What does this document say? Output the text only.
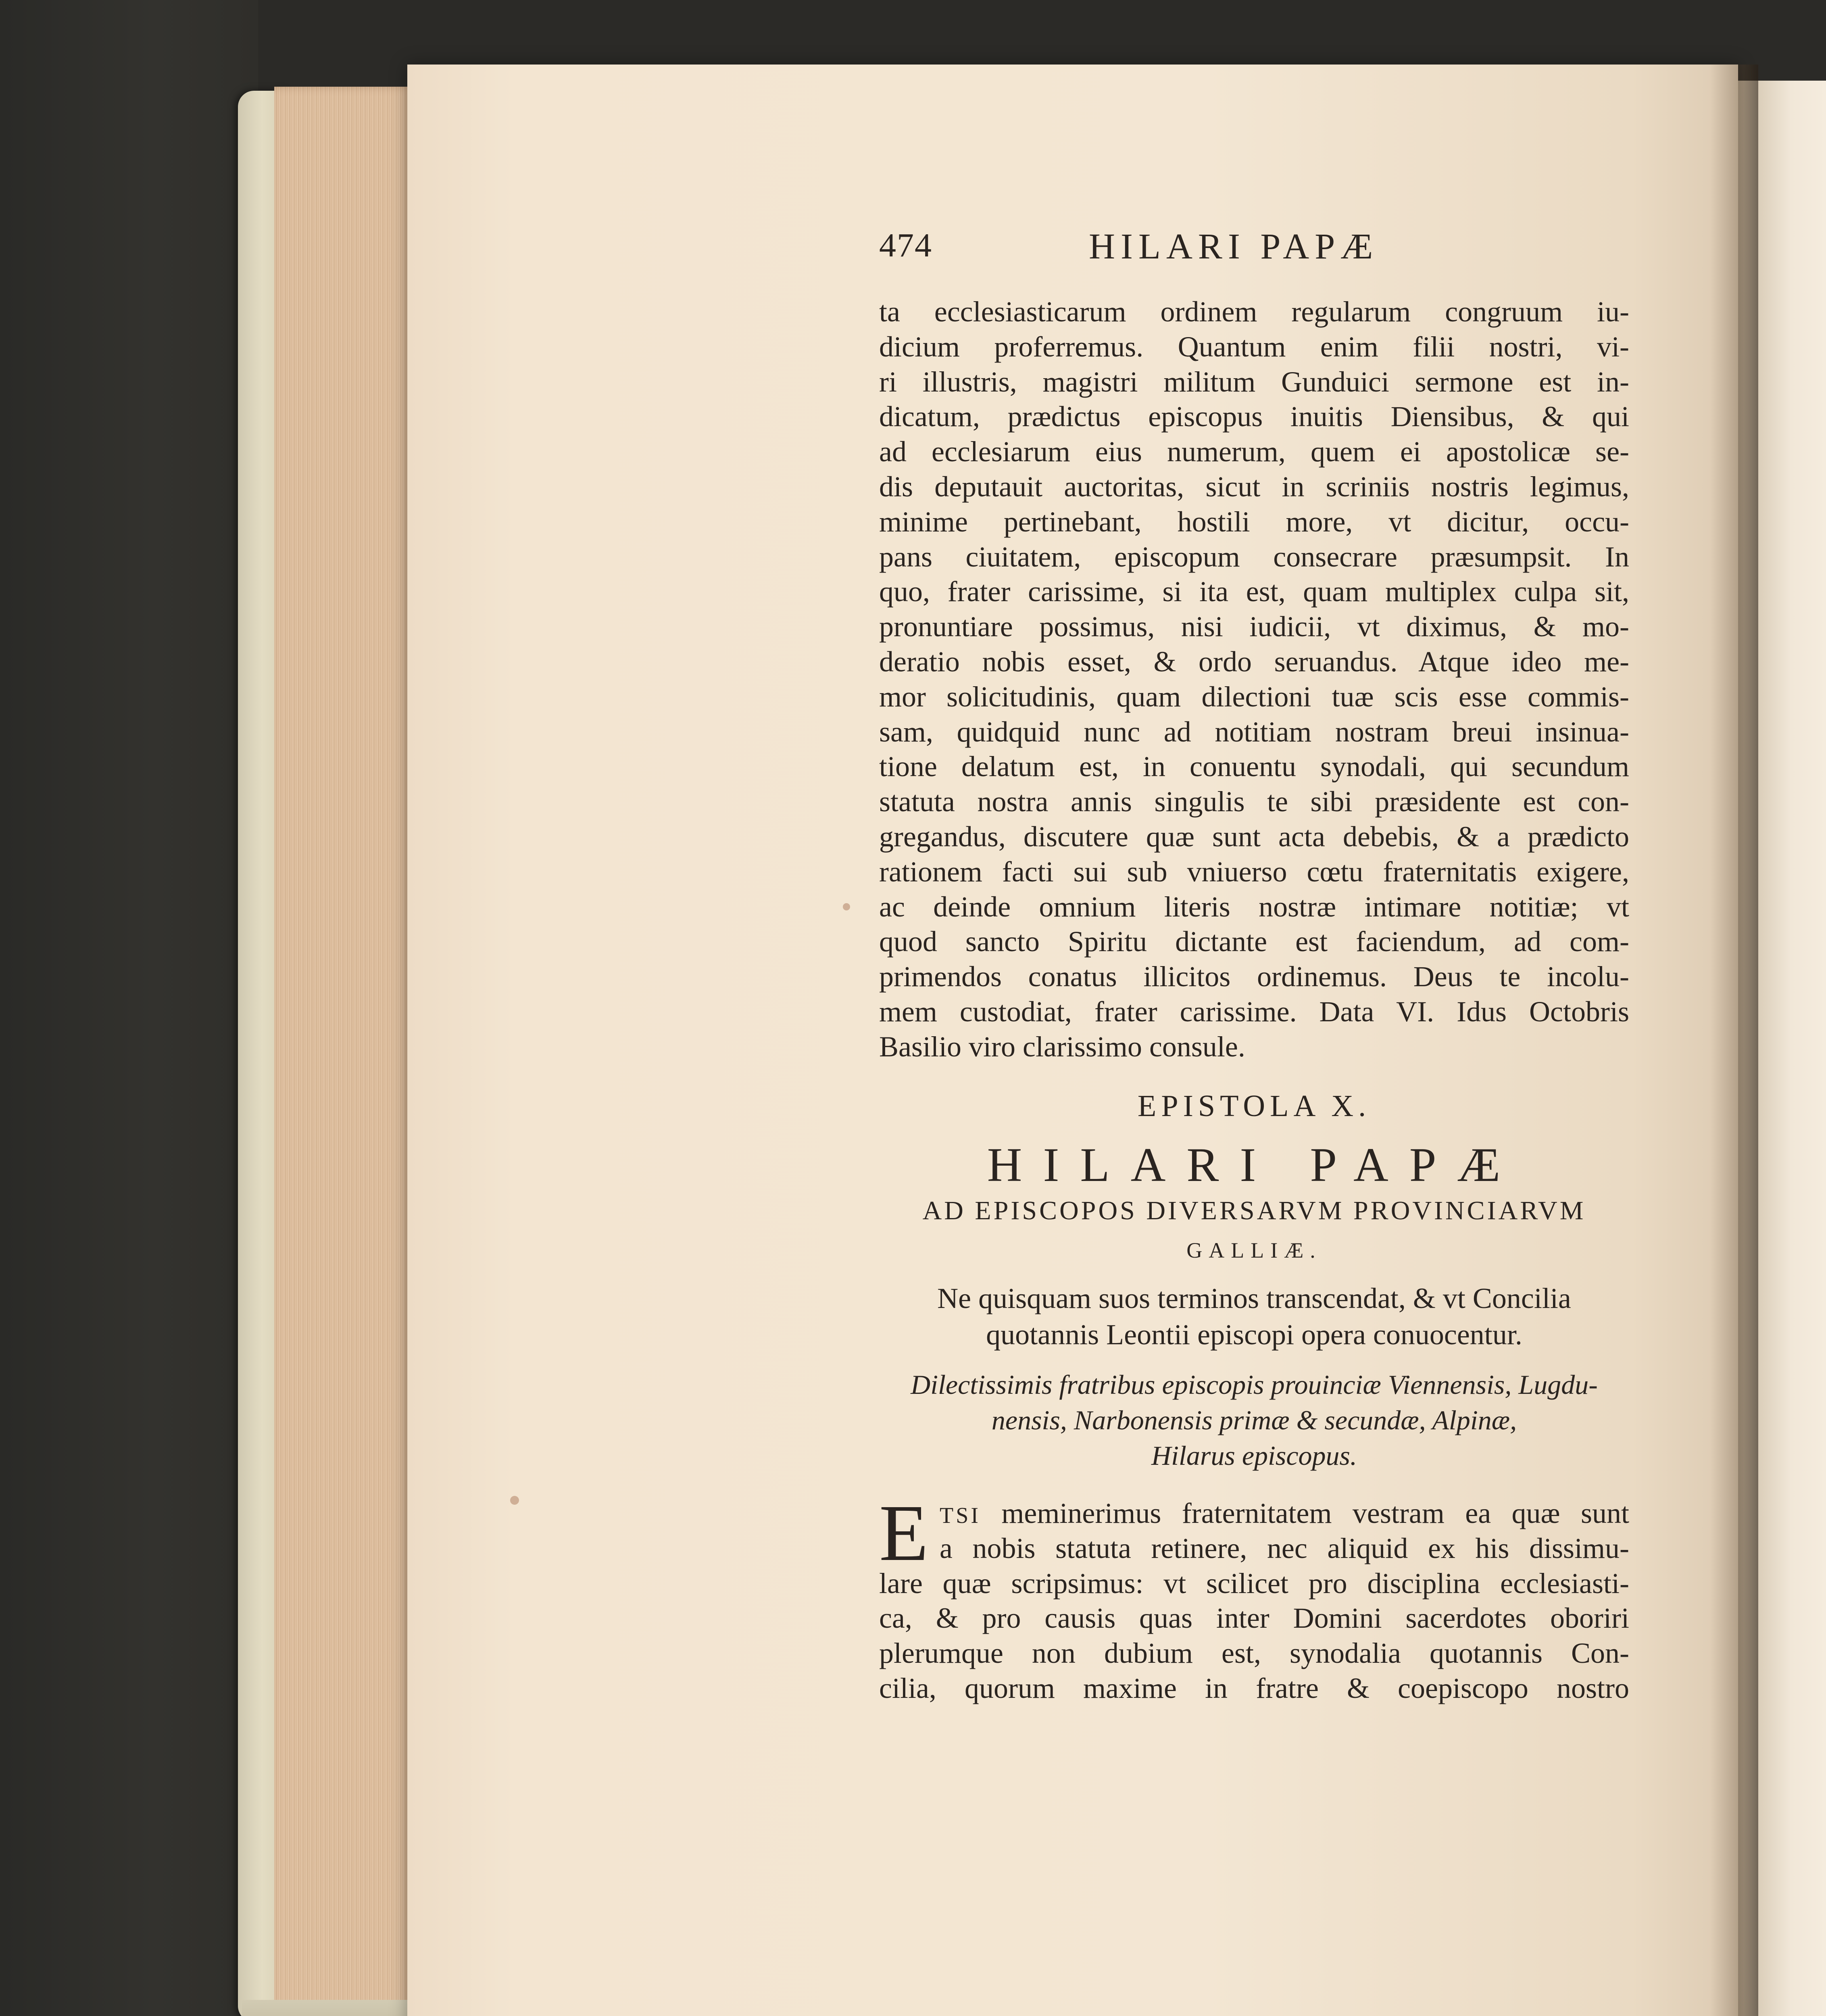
474	HILARI PAPÆ
ta ecclesiasticarum ordinem regularum congruum iu-
dicium proferremus. Quantum enim filii nostri, vi-
ri illustris, magistri militum Gunduici sermone est in-
dicatum, prædictus episcopus inuitis Diensibus, & qui
ad ecclesiarum eius numerum, quem ei apostolicæ se-
dis deputauit auctoritas, sicut in scriniis nostris legimus,
minime pertinebant, hostili more, vt dicitur, occu-
pans ciuitatem, episcopum consecrare præsumpsit. In
quo, frater carissime, si ita est, quam multiplex culpa sit,
pronuntiare possimus, nisi iudicii, vt diximus, & mo-
deratio nobis esset, & ordo seruandus. Atque ideo me-
mor solicitudinis, quam dilectioni tuæ scis esse commis-
sam, quidquid nunc ad notitiam nostram breui insinua-
tione delatum est, in conuentu synodali, qui secundum
statuta nostra annis singulis te sibi præsidente est con-
gregandus, discutere quæ sunt acta debebis, & a prædicto
rationem facti sui sub vniuerso cœtu fraternitatis exigere,
ac deinde omnium literis nostræ intimare notitiæ; vt
quod sancto Spiritu dictante est faciendum, ad com-
primendos conatus illicitos ordinemus. Deus te incolu-
mem custodiat, frater carissime. Data VI. Idus Octobris
Basilio viro clarissimo consule.
EPISTOLA X.
HILARI PAPÆ
AD EPISCOPOS DIVERSARVM PROVINCIARVM
GALLIÆ.
Ne quisquam suos terminos transcendat, & vt Concilia
quotannis Leontii episcopi opera conuocentur.
Dilectissimis fratribus episcopis prouinciæ Viennensis, Lugdu-
nensis, Narbonensis primæ & secundæ, Alpinæ,
Hilarus episcopus.
E TSI meminerimus fraternitatem vestram ea quæ sunt
a nobis statuta retinere, nec aliquid ex his dissimu-
lare quæ scripsimus: vt scilicet pro disciplina ecclesiasti-
ca, & pro causis quas inter Domini sacerdotes oboriri
plerumque non dubium est, synodalia quotannis Con-
cilia, quorum maxime in fratre & coepiscopo nostro
